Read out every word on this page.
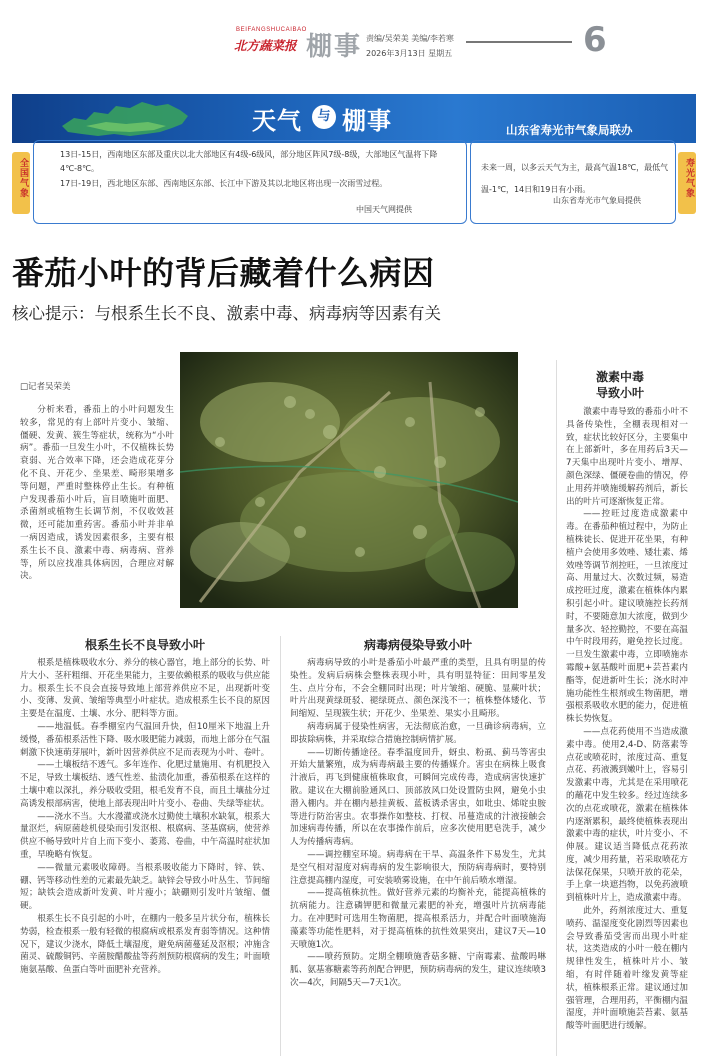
BEIFANGSHUCAIBAO
北方蔬菜报 棚事 责编/吴荣美 美编/李若寒
2026年3月13日 星期五	6
天气	与 棚事	山东省寿光市气象局联办
全国气象
13日-15日，西南地区东部及重庆以北大部地区有4级-6级风，部分地区阵风7级-8级，大部地区气温将下降4℃-8℃。
17日-19日，西北地区东部、西南地区东部、长江中下游及其以北地区将出现一次雨雪过程。
中国天气网提供
未来一周，以多云天气为主，最高气温18℃，最低气温-1℃，14日和19日有小雨。
山东省寿光市气象局提供
寿光气象
番茄小叶的背后藏着什么病因
核心提示：与根系生长不良、激素中毒、病毒病等因素有关
□记者吴荣美

分析来看，番茄上的小叶问题发生较多，常见的有上部叶片变小、皱缩、僵硬、发黄、簇生等症状，统称为“小叶病”。番茄一旦发生小叶，不仅植株长势衰弱、光合效率下降，还会造成花芽分化不良、开花少、坐果差、畸形果增多等问题，严重时整株停止生长。有种植户发现番茄小叶后，盲目喷施叶面肥、杀菌剂或植物生长调节剂，不仅收效甚微，还可能加重药害。番茄小叶并非单一病因造成，诱发因素很多，主要有根系生长不良、激素中毒、病毒病、营养等，所以应找准具体病因，合理应对解决。

激素中毒
导致小叶

激素中毒导致的番茄小叶不具备传染性，全棚表现相对一致，症状比较好区分，主要集中在上部新叶，多在用药后3天—7天集中出现叶片变小、增厚、颜色深绿、僵硬卷曲的情况，停止用药并喷施缓解药剂后，新长出的叶片可逐渐恢复正常。

——控旺过度造成激素中毒。在番茄种植过程中，为防止植株徒长、促进开花坐果，有种植户会使用多效唑、矮壮素、烯效唑等调节剂控旺，一旦浓度过高、用量过大、次数过频，易造成控旺过度，激素在植株体内累积引起小叶。建议喷施控长药剂时，不要随意加大浓度，做到少量多次、轻控勤控，不要在高温中午时段用药，避免控长过度。一旦发生激素中毒，立即喷施赤霉酸+氨基酸叶面肥+芸苔素内酯等，促进新叶生长；浇水时冲施功能性生根剂或生物菌肥，增强根系吸收水肥的能力，促进植株长势恢复。

——点花药使用不当造成激素中毒。使用2,4-D、防落素等点花或喷花时，浓度过高、重复点花、药液溅到嫩叶上，容易引发激素中毒，尤其是在采用喷花的蘸花中发生较多。经过连续多次的点花或喷花，激素在植株体内逐渐累积，最终使植株表现出激素中毒的症状，叶片变小、不伸展。建议适当降低点花药浓度，减少用药量，若采取喷花方法保花保果，只喷开放的花朵，手上拿一块遮挡物，以免药液喷到植株叶片上，造成激素中毒。

此外，药剂浓度过大、重复喷药、温湿度变化剧烈等因素也会导致番茄受害而出现小叶症状，这类造成的小叶一般在棚内规律性发生，植株叶片小、皱缩，有时伴随着叶缘发黄等症状，植株根系正常。建议通过加强管理，合理用药，平衡棚内温湿度，并叶面喷施芸苔素、氨基酸等叶面肥进行缓解。

根系生长不良导致小叶

根系是植株吸收水分、养分的核心器官，地上部分的长势、叶片大小、茎秆粗细、开花坐果能力，主要依赖根系的吸收与供应能力。根系生长不良会直接导致地上部营养供应不足，出现新叶变小、变薄、发黄、皱缩等典型小叶症状。造成根系生长不良的原因主要是在温度、土壤、水分、肥料等方面。

——地温低。春季棚室内气温回升快，但10厘米下地温上升缓慢，番茄根系活性下降、吸水吸肥能力减弱，而地上部分在气温刺激下快速萌芽展叶，新叶因营养供应不足而表现为小叶、卷叶。

——土壤板结不透气。多年连作、化肥过量施用、有机肥投入不足，导致土壤板结、透气性差、盐渍化加重，番茄根系在这样的土壤中难以深扎，养分吸收受阻，根毛发育不良，而且土壤盐分过高诱发根部病害，使地上部表现出叶片变小、卷曲、失绿等症状。

——浇水不当。大水漫灌或浇水过勤使土壤积水缺氧，根系大量沤烂，病原菌趁机侵染而引发沤根、根腐病、茎基腐病，使营养供应不畅导致叶片自上而下变小、萎蔫、卷曲，中午高温时症状加重，早晚略有恢复。

——微量元素吸收障碍。当根系吸收能力下降时，锌、铁、硼、钙等移动性差的元素最先缺乏。缺锌会导致小叶丛生、节间缩短；缺铁会造成新叶发黄、叶片瘦小；缺硼则引发叶片皱缩、僵硬。

根系生长不良引起的小叶，在棚内一般多呈片状分布，植株长势弱，检查根系一般有轻微的根腐病或根系发育弱等情况。这种情况下，建议少浇水，降低土壤湿度，避免病菌蔓延及沤根；冲施含菌灵、硫酸铜钙、辛菌胺醋酸盐等药剂预防根腐病的发生；叶面喷施氨基酸、鱼蛋白等叶面肥补充营养。

病毒病侵染导致小叶

病毒病导致的小叶是番茄小叶最严重的类型，且具有明显的传染性。发病后病株会整株表现小叶，具有明显特征：田间零星发生、点片分布，不会全棚同时出现；叶片皱缩、硬脆、显蕨叶状；叶片出现黄绿斑驳、褪绿斑点、颜色深浅不一；植株整体矮化、节间缩短、呈现簇生状；开花少、坐果差、果实小且畸形。

病毒病属于侵染性病害，无法彻底治愈，一旦确诊病毒病，立即拔除病株，并采取综合措施控制病情扩展。

——切断传播途径。春季温度回升，蚜虫、粉虱、蓟马等害虫开始大量繁殖，成为病毒病最主要的传播媒介。害虫在病株上吸食汁液后，再飞到健康植株取食，可瞬间完成传毒，造成病害快速扩散。建议在大棚前脸通风口、顶部放风口处设置防虫网，避免小虫潜入棚内。并在棚内悬挂黄板、蓝板诱杀害虫，如吡虫、烯啶虫胺等进行防治害虫。农事操作如整枝、打杈、吊蔓造成的汁液接触会加速病毒传播，所以在农事操作前后，应多次使用肥皂洗手，减少人为传播病毒病。

——调控棚室环境。病毒病在干旱、高温条件下易发生，尤其是空气相对湿度对病毒病的发生影响很大，预防病毒病时，要特别注意提高棚内湿度，可安装喷雾设施，在中午前后喷水增湿。

——提高植株抗性。做好营养元素的均衡补充，能提高植株的抗病能力。注意磷钾肥和微量元素肥的补充，增强叶片抗病毒能力。在冲肥时可选用生物菌肥，提高根系活力，并配合叶面喷施海藻素等功能性肥料，对于提高植株的抗性效果突出，建议7天—10天喷施1次。

——喷药预防。定期全棚喷施香菇多糖、宁南霉素、盐酸吗啉胍、氨基寡糖素等药剂配合钾肥，预防病毒病的发生，建议连续喷3次—4次，间隔5天—7天1次。
